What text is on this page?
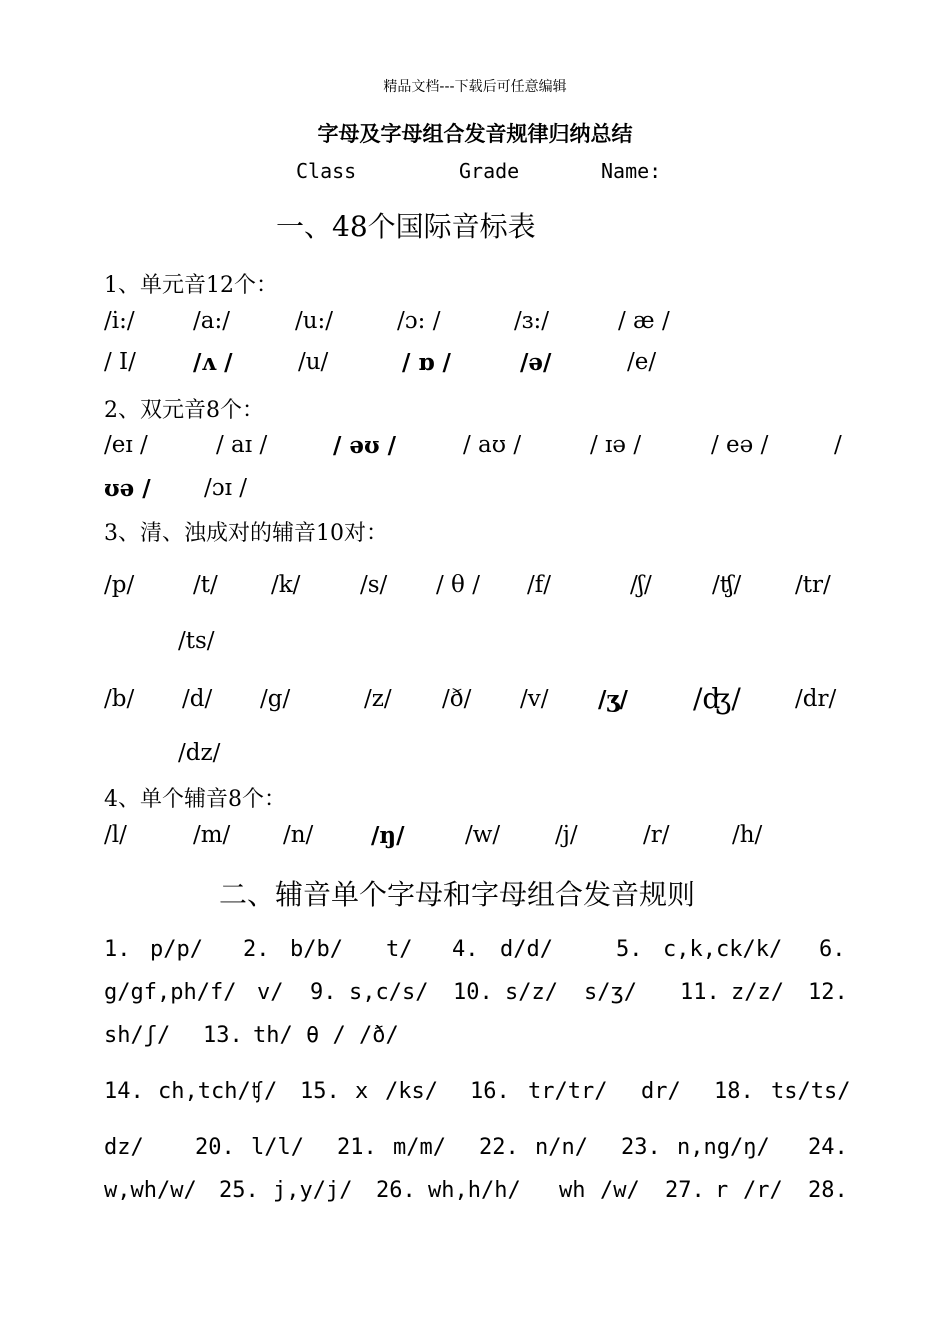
精品文档---下载后可任意编辑
字母及字母组合发音规律归纳总结
Class	Grade	Name:
一、48个国际音标表
1、单元音12个：
/i:/	/a:/	/u:/	/ɔ: /	/ɜ:/	/ æ /
/ I/ /ʌ /	/u/	/ ɒ /	/ə/	/e/
2、双元音8个：
/eɪ /	/ aɪ /	/ əʊ /	/ aʊ /	/ ɪə /	/ eə /	/
ʊə / /ɔɪ /
3、清、浊成对的辅音10对：
/p/	/t/ /k/	/s/ / θ / /f/	/ʃ/	/ʧ/ /tr/
/ts/
/b/ /d/ /g/	/z/ /ð/ /v/ /ʒ/ /ʤ/ /dr/
/dz/
4、单个辅音8个：
/l/	/m/ /n/	/ŋ/	/w/ /j/	/r/	/h/
二、辅音单个字母和字母组合发音规则
1. p/p/ 2. b/b/ t/ 4. d/d/	5. c,k,ck/k/ 6.
g/gf,ph/f/ v/ 9. s,c/s/ 10. s/z/ s/ʒ/ 11. z/z/ 12.
sh/ʃ/ 13. th/ θ / /ð/
14. ch,tch/ʧ/ 15. x /ks/ 16. tr/tr/ dr/ 18. ts/ts/
dz/ 20. l/l/ 21. m/m/ 22. n/n/ 23. n,ng/ŋ/ 24.
w,wh/w/ 25. j,y/j/ 26. wh,h/h/ wh /w/ 27. r /r/ 28.
